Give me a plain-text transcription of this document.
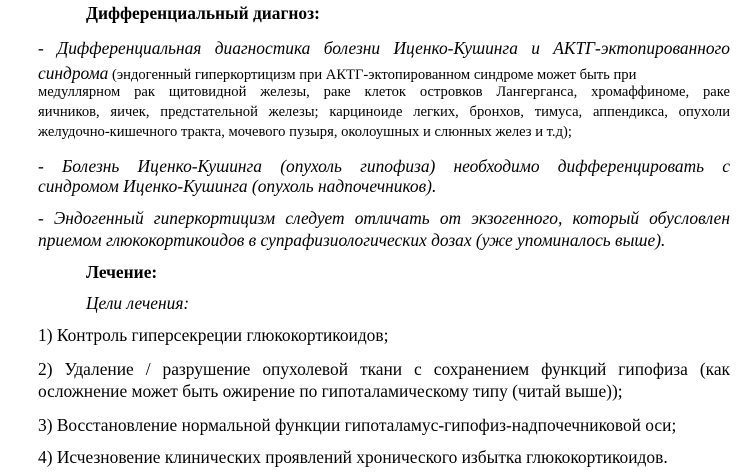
Дифференциальный диагноз:

- Дифференциальная диагностика болезни Иценко-Кушинга и АКТГ-эктопированного

синдрома (эндогенный гиперкортицизм при АКТГ-эктопированном синдроме может быть при

медуллярном рак щитовидной железы, раке клеток островков Лангерганса, хромаффиноме, раке

яичников, яичек, предстательной железы; карциноиде легких, бронхов, тимуса, аппендикса, опухоли

желудочно-кишечного тракта, мочевого пузыря, околоушных и слюнных желез и т.д);

- Болезнь Иценко-Кушинга (опухоль гипофиза) необходимо дифференцировать с

синдромом Иценко-Кушинга (опухоль надпочечников).

- Эндогенный гиперкортицизм следует отличать от экзогенного, который обусловлен

приемом глюкокортикоидов в супрафизиологических дозах (уже упоминалось выше).

Лечение:

Цели лечения:

1) Контроль гиперсекреции глюкокортикоидов;

2) Удаление / разрушение опухолевой ткани с сохранением функций гипофиза (как

осложнение может быть ожирение по гипоталамическому типу (читай выше));

3) Восстановление нормальной функции гипоталамус-гипофиз-надпочечниковой оси;

4) Исчезновение клинических проявлений хронического избытка глюкокортикоидов.
